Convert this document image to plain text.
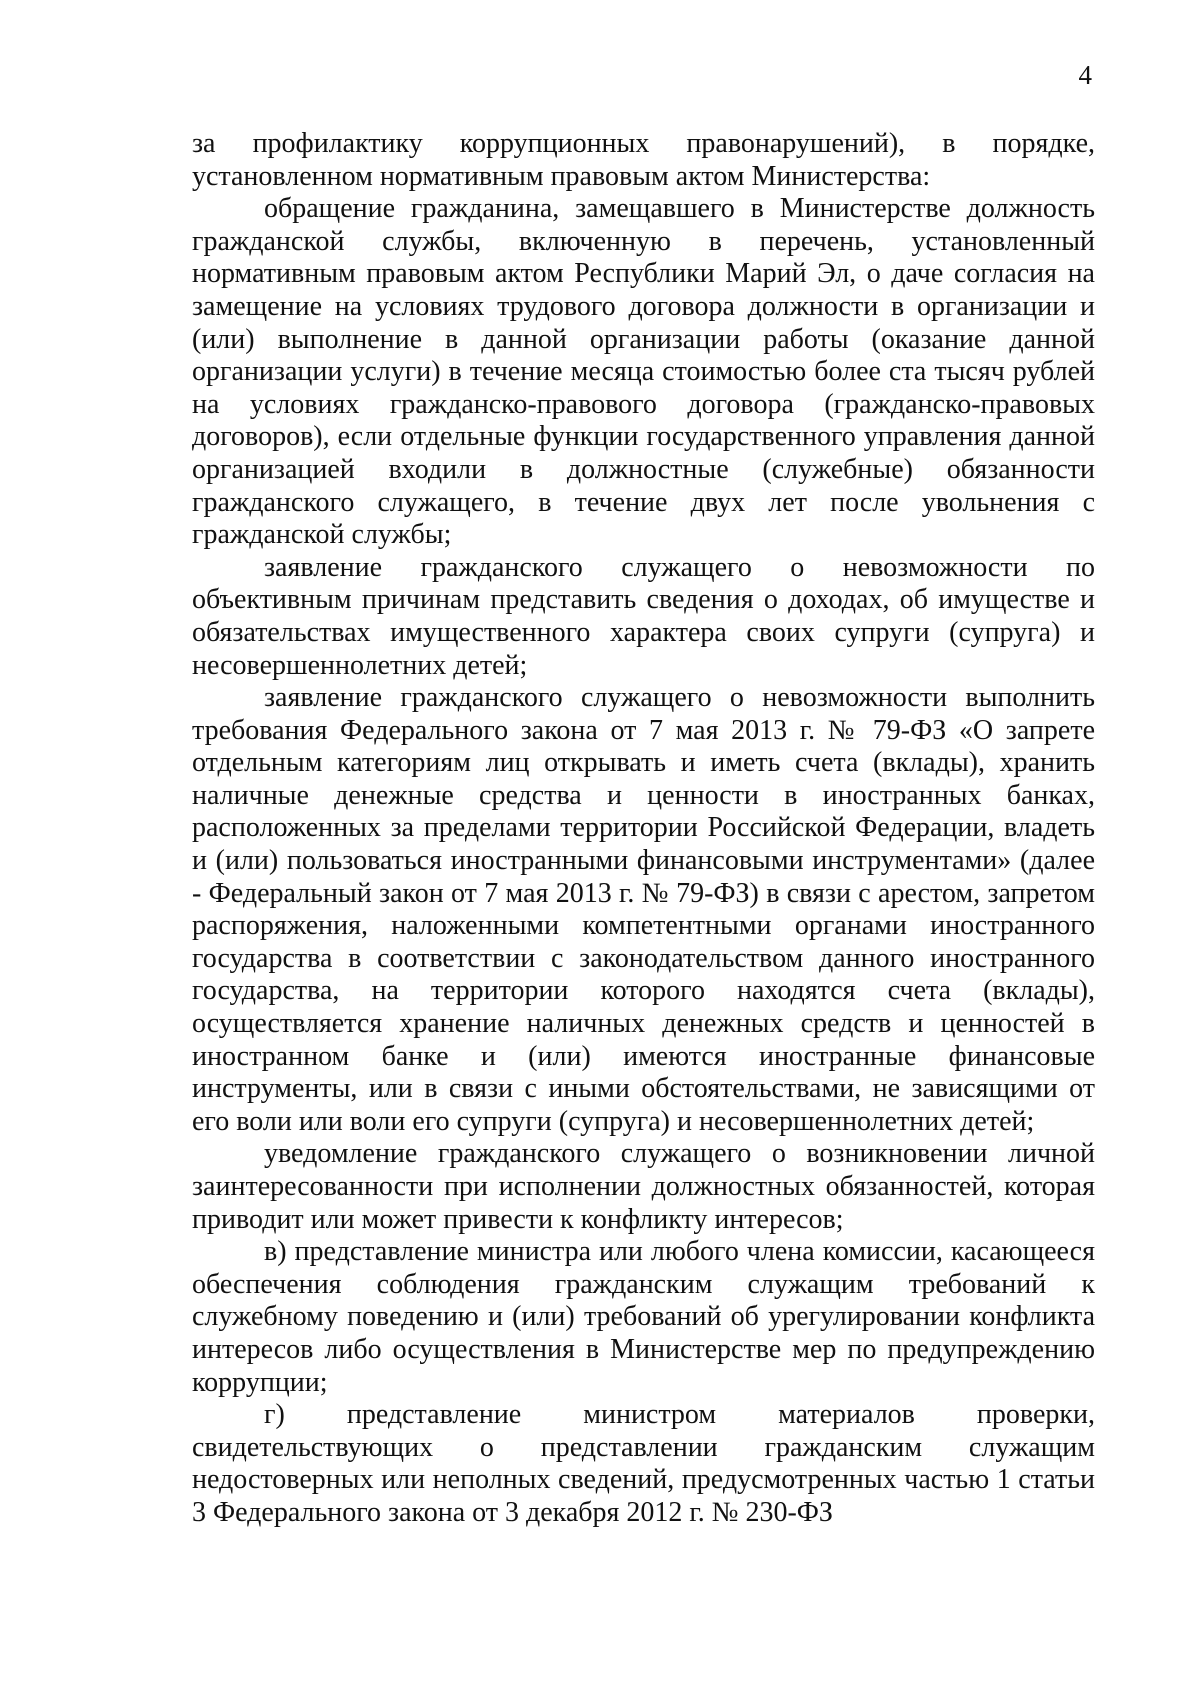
4

за профилактику коррупционных правонарушений), в порядке, установленном нормативным правовым актом Министерства:

обращение гражданина, замещавшего в Министерстве должность гражданской службы, включенную в перечень, установленный нормативным правовым актом Республики Марий Эл, о даче согласия на замещение на условиях трудового договора должности в организации и (или) выполнение в данной организации работы (оказание данной организации услуги) в течение месяца стоимостью более ста тысяч рублей на условиях гражданско-правового договора (гражданско-правовых договоров), если отдельные функции государственного управления данной организацией входили в должностные (служебные) обязанности гражданского служащего, в течение двух лет после увольнения с гражданской службы;

заявление гражданского служащего о невозможности по объективным причинам представить сведения о доходах, об имуществе и обязательствах имущественного характера своих супруги (супруга) и несовершеннолетних детей;

заявление гражданского служащего о невозможности выполнить требования Федерального закона от 7 мая 2013 г. № 79-ФЗ «О запрете отдельным категориям лиц открывать и иметь счета (вклады), хранить наличные денежные средства и ценности в иностранных банках, расположенных за пределами территории Российской Федерации, владеть и (или) пользоваться иностранными финансовыми инструментами» (далее - Федеральный закон от 7 мая 2013 г. № 79-ФЗ) в связи с арестом, запретом распоряжения, наложенными компетентными органами иностранного государства в соответствии с законодательством данного иностранного государства, на территории которого находятся счета (вклады), осуществляется хранение наличных денежных средств и ценностей в иностранном банке и (или) имеются иностранные финансовые инструменты, или в связи с иными обстоятельствами, не зависящими от его воли или воли его супруги (супруга) и несовершеннолетних детей;

уведомление гражданского служащего о возникновении личной заинтересованности при исполнении должностных обязанностей, которая приводит или может привести к конфликту интересов;

в) представление министра или любого члена комиссии, касающееся обеспечения соблюдения гражданским служащим требований к служебному поведению и (или) требований об урегулировании конфликта интересов либо осуществления в Министерстве мер по предупреждению коррупции;

г) представление министром материалов проверки, свидетельствующих о представлении гражданским служащим недостоверных или неполных сведений, предусмотренных частью 1 статьи 3 Федерального закона от 3 декабря 2012 г. № 230-ФЗ
